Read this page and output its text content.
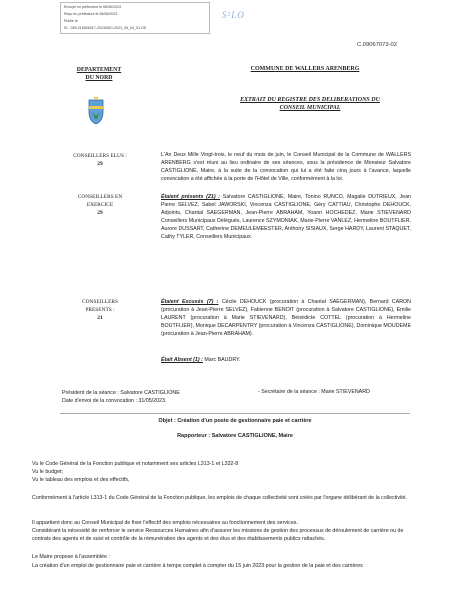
Envoyé en préfecture le 08/06/2023
Reçu en préfecture le 08/06/2023
Publié le
ID : 059-215906317-20230601-2023_06_04_01-DE
S²LO
C.09067073-02
DEPARTEMENT
DU NORD
COMMUNE DE WALLERS ARENBERG
EXTRAIT DU REGISTRE DES DELIBERATIONS DU
CONSEIL MUNICIPAL
CONSEILLERS ELUS :
29
CONSEILLERS EN EXERCICE
29
CONSEILLERS PRESENTS :
21
L'An Deux Mille Vingt-trois, le neuf du mois de juin, le Conseil Municipal de la Commune de WALLERS ARENBERG s'est réuni au lieu ordinaire de ses séances, sous la présidence de Monsieur Salvatore CASTIGLIONE, Maire, à la suite de la convocation qui lui a été faite cinq jours à l'avance, laquelle convocation a été affichée à la porte de l'Hôtel de Ville, conformément à la loi.
Étaient présents (21) : Salvatore CASTIGLIONE, Maire, Tonino RUNCO, Magalie DUTRIEUX, Jean Pierre SELVEZ, Sabel JAWORSKI, Vincenza CASTIGLIONE, Géry CATTIAU, Christophe DEHOUCK, Adjoints, Chantal SAEGERMAN, Jean-Pierre ABRAHAM, Yoann HOCHEDEZ, Marie STIEVENARD Conseillers Municipaux Délégués, Laurence SZYMONIAK, Marie-Pierre VANLEZ, Hermeline BOUTFLIER, Aurore DUSSART, Catherine DEMEULEMEESTER, Anthony SISIAUX, Serge HARDY, Laurent STAQUET, Cathy TYLER, Conseillers Municipaux.
Étaient Excusés (7) : Cécile DEHOUCK (procuration à Chantal SAEGERMAN), Bernard CARON (procuration à Jean-Pierre SELVEZ), Fabienne BENOIT (procuration à Salvatore CASTIGLIONE), Emilie LAURENT (procuration à Marie STIEVENARD), Bénédicte COTTEL (procuration à Hermeline BOUTFLIER), Monique DECARPENTRY (procuration à Vincenza CASTIGLIONE), Dominique MOUDEME (procuration à Jean-Pierre ABRAHAM).
Était Absent (1) : Marc BAUDRY.
Président de la séance : Salvatore CASTIGLIONE
Date d'envoi de la convocation : 31/05/2023.
- Secrétaire de la séance : Marie STIEVENARD
Objet : Création d'un poste de gestionnaire paie et carrière
Rapporteur : Salvatore CASTIGLIONE, Maire
Vu le Code Général de la Fonction publique et notamment ses articles L313-1 et L332-8
Vu le budget;
Vu le tableau des emplois et des effectifs,
Conformément à l'article L313-1 du Code Général de la Fonction publique, les emplois de chaque collectivité sont créés par l'organe délibérant de la collectivité.
Il appartient donc au Conseil Municipal de fixer l'effectif des emplois nécessaires au fonctionnement des services.
Considérant la nécessité de renforcer le service Ressources Humaines afin d'assurer les missions de gestion des processus de déroulement de carrière ou de contrats des agents et de suivi et contrôle de la rémunération des agents et des élus et des établissements publics rattachés.
Le Maire propose à l'assemblée :
La création d'un emploi de gestionnaire paie et carrière à temps complet à compter du 15 juin 2023 pour la gestion de la paie et des carrières
